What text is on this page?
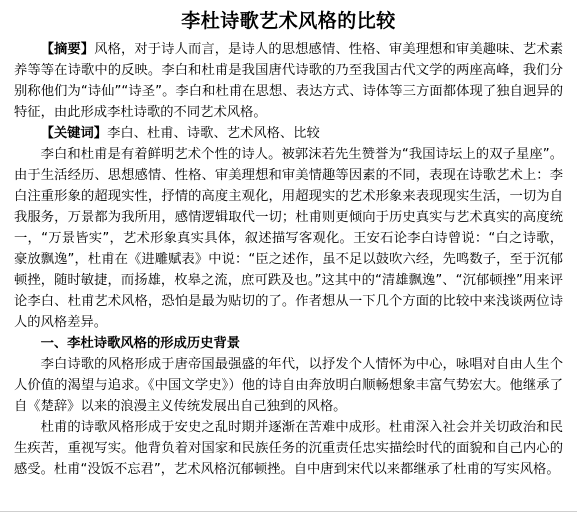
李杜诗歌艺术风格的比较

【摘要】风格，对于诗人而言，是诗人的思想感情、性格、审美理想和审美趣味、艺术素养等等在诗歌中的反映。李白和杜甫是我国唐代诗歌的乃至我国古代文学的两座高峰，我们分别称他们为“诗仙”“诗圣”。李白和杜甫在思想、表达方式、诗体等三方面都体现了独自迥异的特征，由此形成李杜诗歌的不同艺术风格。

【关键词】李白、杜甫、诗歌、艺术风格、比较

李白和杜甫是有着鲜明艺术个性的诗人。被郭沫若先生赞誉为“我国诗坛上的双子星座”。由于生活经历、思想感情、性格、审美理想和审美情趣等因素的不同，表现在诗歌艺术上：李白注重形象的超现实性，抒情的高度主观化，用超现实的艺术形象来表现现实生活，一切为自我服务，万景都为我所用，感情逻辑取代一切；杜甫则更倾向于历史真实与艺术真实的高度统一，“万景皆实”，艺术形象真实具体，叙述描写客观化。王安石论李白诗曾说：“白之诗歌，豪放飘逸”，杜甫在《进雕赋表》中说：“臣之述作，虽不足以鼓吹六经，先鸣数子，至于沉郁顿挫，随时敏捷，而扬雄，枚皋之流，庶可跌及也。”这其中的“清雄飘逸”、“沉郁顿挫”用来评论李白、杜甫艺术风格，恐怕是最为贴切的了。作者想从一下几个方面的比较中来浅谈两位诗人的风格差异。

一、李杜诗歌风格的形成历史背景

李白诗歌的风格形成于唐帝国最强盛的年代，以抒发个人情怀为中心，咏唱对自由人生个人价值的渴望与追求。《中国文学史》）他的诗自由奔放明白顺畅想象丰富气势宏大。他继承了自《楚辞》以来的浪漫主义传统发展出自己独到的风格。

杜甫的诗歌风格形成于安史之乱时期并逐渐在苦难中成形。杜甫深入社会并关切政治和民生疾苦，重视写实。他背负着对国家和民族任务的沉重责任忠实描绘时代的面貌和自己内心的感受。杜甫“没饭不忘君”，艺术风格沉郁顿挫。自中唐到宋代以来都继承了杜甫的写实风格。
